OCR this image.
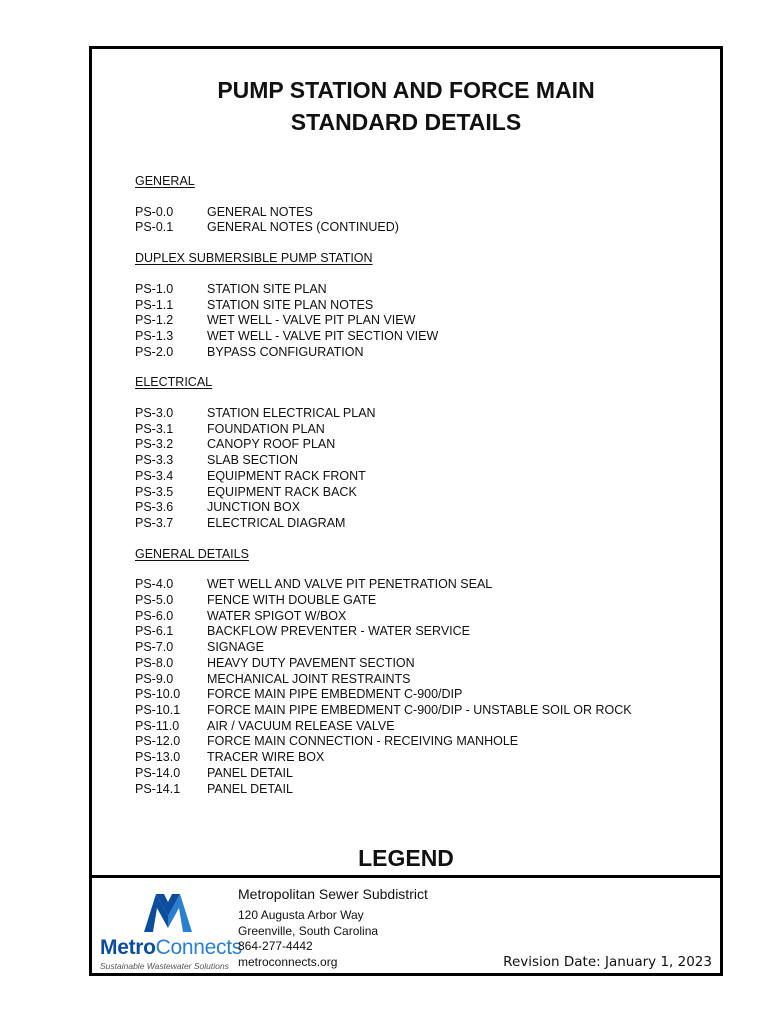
PUMP STATION AND FORCE MAIN
STANDARD DETAILS
GENERAL
PS-0.0	GENERAL NOTES
PS-0.1	GENERAL NOTES (CONTINUED)
DUPLEX SUBMERSIBLE PUMP STATION
PS-1.0	STATION SITE PLAN
PS-1.1	STATION SITE PLAN NOTES
PS-1.2	WET WELL - VALVE PIT PLAN VIEW
PS-1.3	WET WELL - VALVE PIT SECTION VIEW
PS-2.0	BYPASS CONFIGURATION
ELECTRICAL
PS-3.0	STATION ELECTRICAL PLAN
PS-3.1	FOUNDATION PLAN
PS-3.2	CANOPY ROOF PLAN
PS-3.3	SLAB SECTION
PS-3.4	EQUIPMENT RACK FRONT
PS-3.5	EQUIPMENT RACK BACK
PS-3.6	JUNCTION BOX
PS-3.7	ELECTRICAL DIAGRAM
GENERAL DETAILS
PS-4.0	WET WELL AND VALVE PIT PENETRATION SEAL
PS-5.0	FENCE WITH DOUBLE GATE
PS-6.0	WATER SPIGOT W/BOX
PS-6.1	BACKFLOW PREVENTER - WATER SERVICE
PS-7.0	SIGNAGE
PS-8.0	HEAVY DUTY PAVEMENT SECTION
PS-9.0	MECHANICAL JOINT RESTRAINTS
PS-10.0	FORCE MAIN PIPE EMBEDMENT C-900/DIP
PS-10.1	FORCE MAIN PIPE EMBEDMENT C-900/DIP - UNSTABLE SOIL OR ROCK
PS-11.0	AIR / VACUUM RELEASE VALVE
PS-12.0	FORCE MAIN CONNECTION - RECEIVING MANHOLE
PS-13.0	TRACER WIRE BOX
PS-14.0	PANEL DETAIL
PS-14.1	PANEL DETAIL
LEGEND
MetroConnects
Sustainable Wastewater Solutions
Metropolitan Sewer Subdistrict
120 Augusta Arbor Way
Greenville, South Carolina
864-277-4442
metroconnects.org	Revision Date: January 1, 2023
